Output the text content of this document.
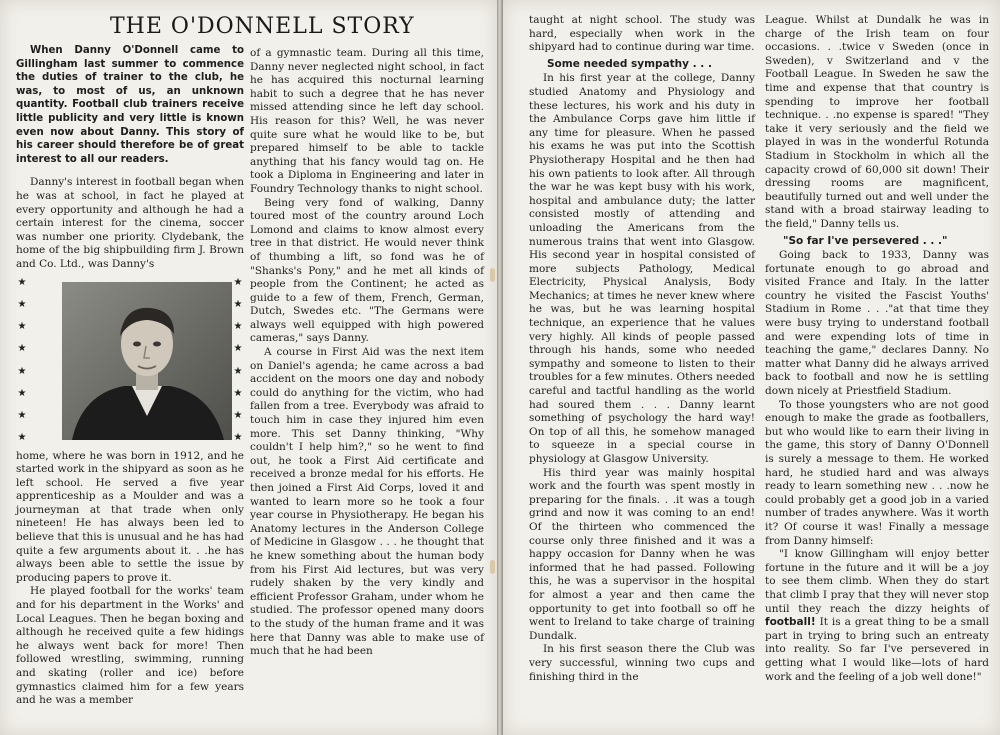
THE O'DONNELL STORY

When Danny O'Donnell came to Gillingham last summer to commence the duties of trainer to the club, he was, to most of us, an unknown quantity. Football club trainers receive little publicity and very little is known even now about Danny. This story of his career should therefore be of great interest to all our readers.

Danny's interest in football began when he was at school, in fact he played at every opportunity and although he had a certain interest for the cinema, soccer was number one priority. Clydebank, the home of the big shipbuilding firm J. Brown and Co. Ltd., was Danny's

★
★
★
★
★
★
★
★
★
★
★
★
★
★
★
★

home, where he was born in 1912, and he started work in the shipyard as soon as he left school. He served a five year apprenticeship as a Moulder and was a journeyman at that trade when only nineteen! He has always been led to believe that this is unusual and he has had quite a few arguments about it. . .he has always been able to settle the issue by producing papers to prove it.

He played football for the works' team and for his department in the Works' and Local Leagues. Then he began boxing and although he received quite a few hidings he always went back for more! Then followed wrestling, swimming, running and skating (roller and ice) before gymnastics claimed him for a few years and he was a member

of a gymnastic team. During all this time, Danny never neglected night school, in fact he has acquired this nocturnal learning habit to such a degree that he has never missed attending since he left day school. His reason for this? Well, he was never quite sure what he would like to be, but prepared himself to be able to tackle anything that his fancy would tag on. He took a Diploma in Engineering and later in Foundry Technology thanks to night school.

Being very fond of walking, Danny toured most of the country around Loch Lomond and claims to know almost every tree in that district. He would never think of thumbing a lift, so fond was he of "Shanks's Pony," and he met all kinds of people from the Continent; he acted as guide to a few of them, French, German, Dutch, Swedes etc. "The Germans were always well equipped with high powered cameras," says Danny.

A course in First Aid was the next item on Daniel's agenda; he came across a bad accident on the moors one day and nobody could do anything for the victim, who had fallen from a tree. Everybody was afraid to touch him in case they injured him even more. This set Danny thinking, "Why couldn't I help him?," so he went to find out, he took a First Aid certificate and received a bronze medal for his efforts. He then joined a First Aid Corps, loved it and wanted to learn more so he took a four year course in Physiotherapy. He began his Anatomy lectures in the Anderson College of Medicine in Glasgow . . . he thought that he knew something about the human body from his First Aid lectures, but was very rudely shaken by the very kindly and efficient Professor Graham, under whom he studied. The professor opened many doors to the study of the human frame and it was here that Danny was able to make use of much that he had been

taught at night school. The study was hard, especially when work in the shipyard had to continue during war time.

Some needed sympathy . . .

In his first year at the college, Danny studied Anatomy and Physiology and these lectures, his work and his duty in the Ambulance Corps gave him little if any time for pleasure. When he passed his exams he was put into the Scottish Physiotherapy Hospital and he then had his own patients to look after. All through the war he was kept busy with his work, hospital and ambulance duty; the latter consisted mostly of attending and unloading the Americans from the numerous trains that went into Glasgow. His second year in hospital consisted of more subjects Pathology, Medical Electricity, Physical Analysis, Body Mechanics; at times he never knew where he was, but he was learning hospital technique, an experience that he values very highly. All kinds of people passed through his hands, some who needed sympathy and someone to listen to their troubles for a few minutes. Others needed careful and tactful handling as the world had soured them . . . Danny learnt something of psychology the hard way! On top of all this, he somehow managed to squeeze in a special course in physiology at Glasgow University.

His third year was mainly hospital work and the fourth was spent mostly in preparing for the finals. . .it was a tough grind and now it was coming to an end! Of the thirteen who commenced the course only three finished and it was a happy occasion for Danny when he was informed that he had passed. Following this, he was a supervisor in the hospital for almost a year and then came the opportunity to get into football so off he went to Ireland to take charge of training Dundalk.

In his first season there the Club was very successful, winning two cups and finishing third in the

League. Whilst at Dundalk he was in charge of the Irish team on four occasions. . .twice v Sweden (once in Sweden), v Switzerland and v the Football League. In Sweden he saw the time and expense that that country is spending to improve her football technique. . .no expense is spared! "They take it very seriously and the field we played in was in the wonderful Rotunda Stadium in Stockholm in which all the capacity crowd of 60,000 sit down! Their dressing rooms are magnificent, beautifully turned out and well under the stand with a broad stairway leading to the field," Danny tells us.

"So far I've persevered . . ."

Going back to 1933, Danny was fortunate enough to go abroad and visited France and Italy. In the latter country he visited the Fascist Youths' Stadium in Rome . . ."at that time they were busy trying to understand football and were expending lots of time in teaching the game," declares Danny. No matter what Danny did he always arrived back to football and now he is settling down nicely at Priestfield Stadium.

To those youngsters who are not good enough to make the grade as footballers, but who would like to earn their living in the game, this story of Danny O'Donnell is surely a message to them. He worked hard, he studied hard and was always ready to learn something new . . .now he could probably get a good job in a varied number of trades anywhere. Was it worth it? Of course it was! Finally a message from Danny himself:

"I know Gillingham will enjoy better fortune in the future and it will be a joy to see them climb. When they do start that climb I pray that they will never stop until they reach the dizzy heights of football! It is a great thing to be a small part in trying to bring such an entreaty into reality. So far I've persevered in getting what I would like—lots of hard work and the feeling of a job well done!"
